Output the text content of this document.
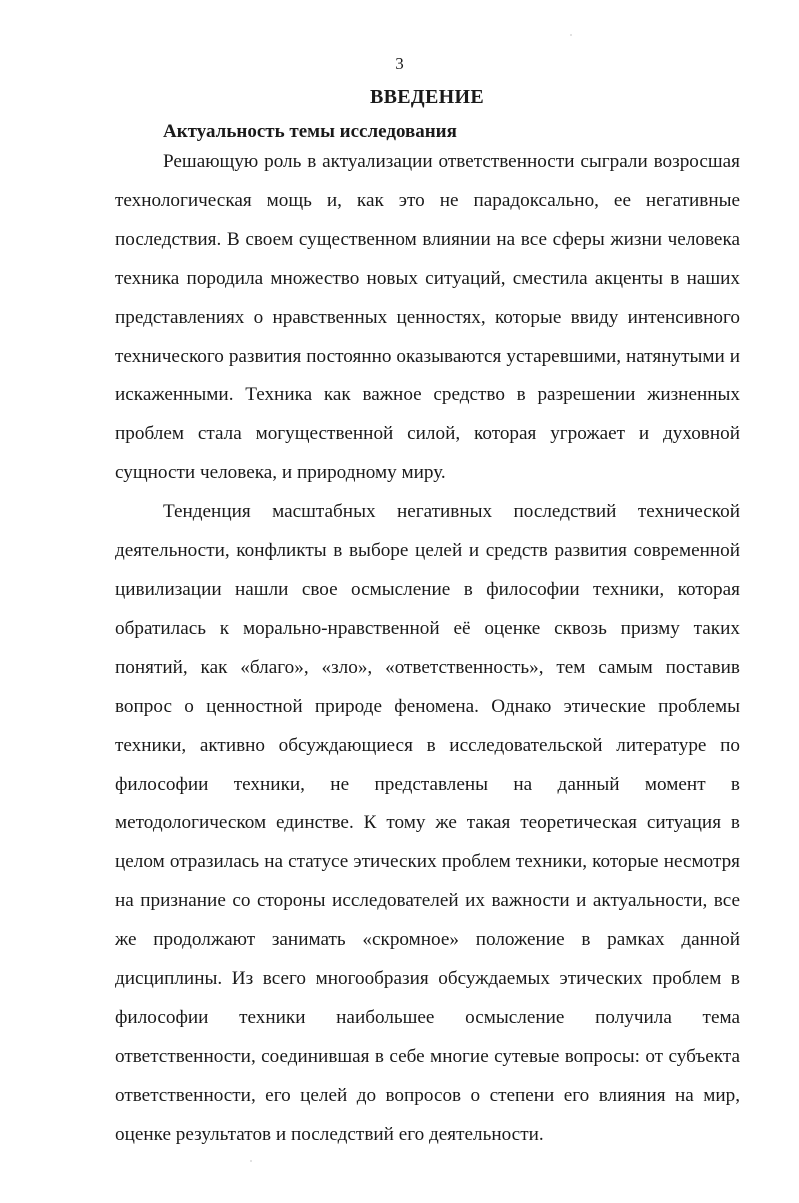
3
ВВЕДЕНИЕ
Актуальность темы исследования

Решающую роль в актуализации ответственности сыграли возросшая технологическая мощь и, как это не парадоксально, ее негативные последствия. В своем существенном влиянии на все сферы жизни человека техника породила множество новых ситуаций, сместила акценты в наших представлениях о нравственных ценностях, которые ввиду интенсивного технического развития постоянно оказываются устаревшими, натянутыми и искаженными. Техника как важное средство в разрешении жизненных проблем стала могущественной силой, которая угрожает и духовной сущности человека, и природному миру.

Тенденция масштабных негативных последствий технической деятельности, конфликты в выборе целей и средств развития современной цивилизации нашли свое осмысление в философии техники, которая обратилась к морально-нравственной её оценке сквозь призму таких понятий, как «благо», «зло», «ответственность», тем самым поставив вопрос о ценностной природе феномена. Однако этические проблемы техники, активно обсуждающиеся в исследовательской литературе по философии техники, не представлены на данный момент в методологическом единстве. К тому же такая теоретическая ситуация в целом отразилась на статусе этических проблем техники, которые несмотря на признание со стороны исследователей их важности и актуальности, все же продолжают занимать «скромное» положение в рамках данной дисциплины. Из всего многообразия обсуждаемых этических проблем в философии техники наибольшее осмысление получила тема ответственности, соединившая в себе многие сутевые вопросы: от субъекта ответственности, его целей до вопросов о степени его влияния на мир, оценке результатов и последствий его деятельности.
